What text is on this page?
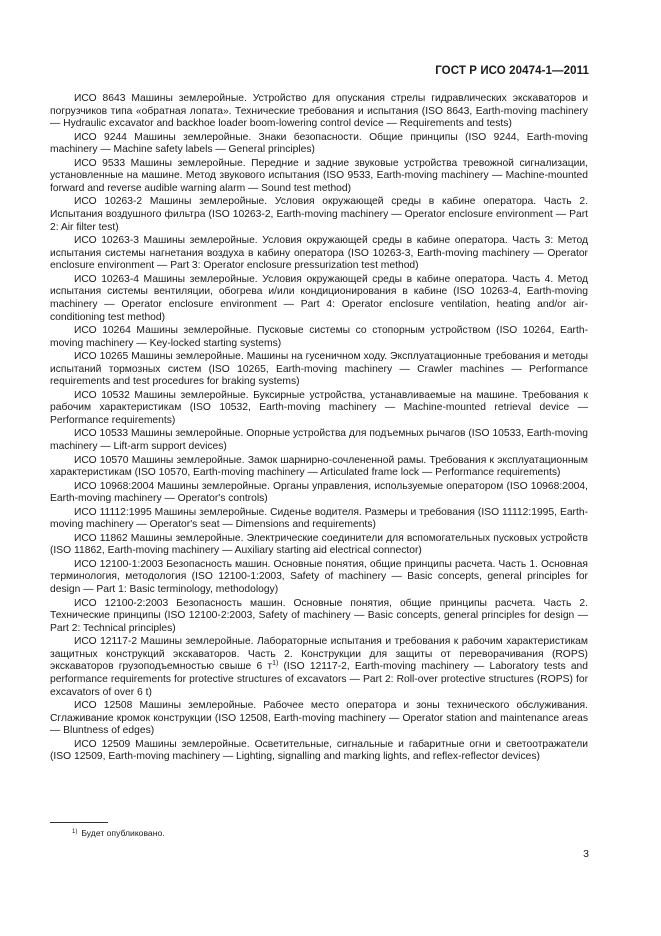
ГОСТ Р ИСО 20474-1—2011

ИСО 8643 Машины землеройные. Устройство для опускания стрелы гидравлических экскаваторов и погрузчиков типа «обратная лопата». Технические требования и испытания (ISO 8643, Earth-moving machinery — Hydraulic excavator and backhoe loader boom-lowering control device — Requirements and tests)

ИСО 9244 Машины землеройные. Знаки безопасности. Общие принципы (ISO 9244, Earth-moving machinery — Machine safety labels — General principles)

ИСО 9533 Машины землеройные. Передние и задние звуковые устройства тревожной сигнализации, установленные на машине. Метод звукового испытания (ISO 9533, Earth-moving machinery — Machine-mounted forward and reverse audible warning alarm — Sound test method)

ИСО 10263-2 Машины землеройные. Условия окружающей среды в кабине оператора. Часть 2. Испытания воздушного фильтра (ISO 10263-2, Earth-moving machinery — Operator enclosure environment — Part 2: Air filter test)

ИСО 10263-3 Машины землеройные. Условия окружающей среды в кабине оператора. Часть 3: Метод испытания системы нагнетания воздуха в кабину оператора (ISO 10263-3, Earth-moving machinery — Operator enclosure environment — Part 3: Operator enclosure pressurization test method)

ИСО 10263-4 Машины землеройные. Условия окружающей среды в кабине оператора. Часть 4. Метод испытания системы вентиляции, обогрева и/или кондиционирования в кабине (ISO 10263-4, Earth-moving machinery — Operator enclosure environment — Part 4: Operator enclosure ventilation, heating and/or air-conditioning test method)

ИСО 10264 Машины землеройные. Пусковые системы со стопорным устройством (ISO 10264, Earth-moving machinery — Key-locked starting systems)

ИСО 10265 Машины землеройные. Машины на гусеничном ходу. Эксплуатационные требования и методы испытаний тормозных систем (ISO 10265, Earth-moving machinery — Crawler machines — Performance requirements and test procedures for braking systems)

ИСО 10532 Машины землеройные. Буксирные устройства, устанавливаемые на машине. Требования к рабочим характеристикам (ISO 10532, Earth-moving machinery — Machine-mounted retrieval device — Performance requirements)

ИСО 10533 Машины землеройные. Опорные устройства для подъемных рычагов (ISO 10533, Earth-moving machinery — Lift-arm support devices)

ИСО 10570 Машины землеройные. Замок шарнирно-сочлененной рамы. Требования к эксплуатационным характеристикам (ISO 10570, Earth-moving machinery — Articulated frame lock — Performance requirements)

ИСО 10968:2004 Машины землеройные. Органы управления, используемые оператором (ISO 10968:2004, Earth-moving machinery — Operator's controls)

ИСО 11112:1995 Машины землеройные. Сиденье водителя. Размеры и требования (ISO 11112:1995, Earth-moving machinery — Operator's seat — Dimensions and requirements)

ИСО 11862 Машины землеройные. Электрические соединители для вспомогательных пусковых устройств (ISO 11862, Earth-moving machinery — Auxiliary starting aid electrical connector)

ИСО 12100-1:2003 Безопасность машин. Основные понятия, общие принципы расчета. Часть 1. Основная терминология, методология (ISO 12100-1:2003, Safety of machinery — Basic concepts, general principles for design — Part 1: Basic terminology, methodology)

ИСО 12100-2:2003 Безопасность машин. Основные понятия, общие принципы расчета. Часть 2. Технические принципы (ISO 12100-2:2003, Safety of machinery — Basic concepts, general principles for design — Part 2: Technical principles)

ИСО 12117-2 Машины землеройные. Лабораторные испытания и требования к рабочим характеристикам защитных конструкций экскаваторов. Часть 2. Конструкции для защиты от переворачивания (ROPS) экскаваторов грузоподъемностью свыше 6 $т^{1)}$ (ISO 12117-2, Earth-moving machinery — Laboratory tests and performance requirements for protective structures of excavators — Part 2: Roll-over protective structures (ROPS) for excavators of over 6 t)

ИСО 12508 Машины землеройные. Рабочее место оператора и зоны технического обслуживания. Сглаживание кромок конструкции (ISO 12508, Earth-moving machinery — Operator station and maintenance areas — Bluntness of edges)

ИСО 12509 Машины землеройные. Осветительные, сигнальные и габаритные огни и светоотражатели (ISO 12509, Earth-moving machinery — Lighting, signalling and marking lights, and reflex-reflector devices)

$^{1)}$ Будет опубликовано.
3
